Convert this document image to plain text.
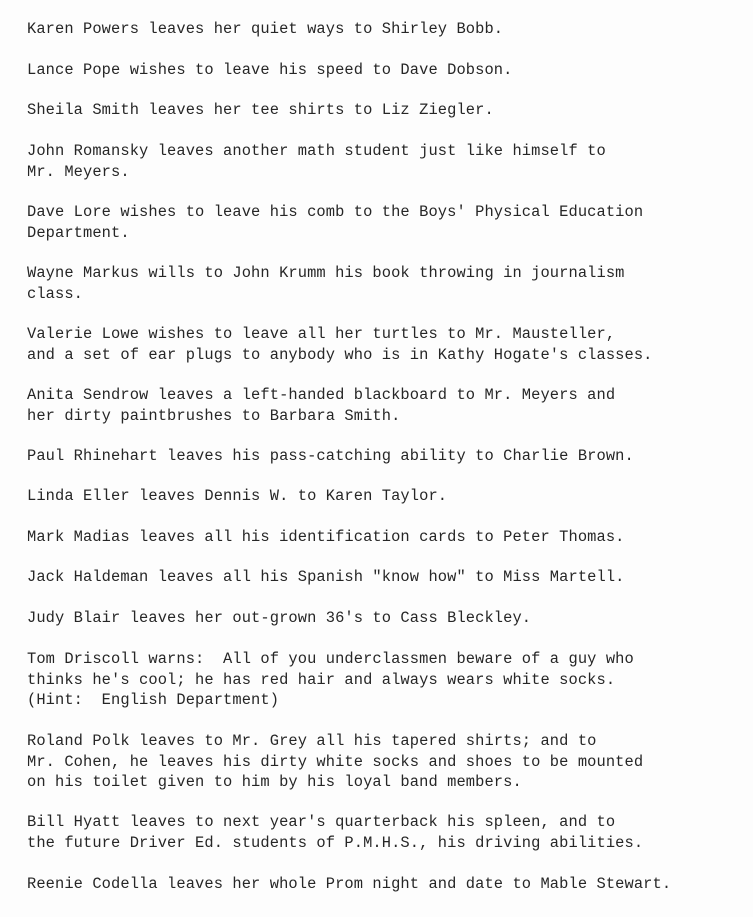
Karen Powers leaves her quiet ways to Shirley Bobb.

Lance Pope wishes to leave his speed to Dave Dobson.

Sheila Smith leaves her tee shirts to Liz Ziegler.

John Romansky leaves another math student just like himself to
Mr. Meyers.

Dave Lore wishes to leave his comb to the Boys' Physical Education
Department.

Wayne Markus wills to John Krumm his book throwing in journalism
class.

Valerie Lowe wishes to leave all her turtles to Mr. Mausteller,
and a set of ear plugs to anybody who is in Kathy Hogate's classes.

Anita Sendrow leaves a left-handed blackboard to Mr. Meyers and
her dirty paintbrushes to Barbara Smith.

Paul Rhinehart leaves his pass-catching ability to Charlie Brown.

Linda Eller leaves Dennis W. to Karen Taylor.

Mark Madias leaves all his identification cards to Peter Thomas.

Jack Haldeman leaves all his Spanish "know how" to Miss Martell.

Judy Blair leaves her out-grown 36's to Cass Bleckley.

Tom Driscoll warns:  All of you underclassmen beware of a guy who
thinks he's cool; he has red hair and always wears white socks.
(Hint:  English Department)

Roland Polk leaves to Mr. Grey all his tapered shirts; and to
Mr. Cohen, he leaves his dirty white socks and shoes to be mounted
on his toilet given to him by his loyal band members.

Bill Hyatt leaves to next year's quarterback his spleen, and to
the future Driver Ed. students of P.M.H.S., his driving abilities.

Reenie Codella leaves her whole Prom night and date to Mable Stewart.
